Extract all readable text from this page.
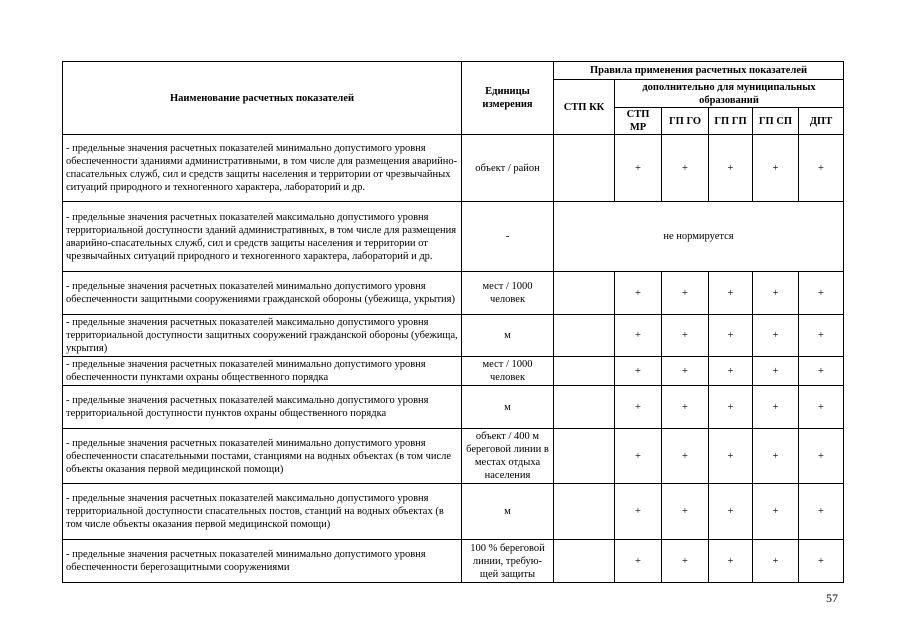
Наименование расчетных показателей	Единицы измерения	Правила применения расчетных показателей					
		СТП КК	дополнительно для муниципальных образований				
			СТП МР	ГП ГО	ГП ГП	ГП СП	ДПТ
- предельные значения расчетных показателей минимально допустимого уровня обеспеченности зданиями административными, в том числе для размещения аварийно-спасательных служб, сил и средств защиты населения и территории от чрезвычайных ситуаций природного и техногенного характера, лабораторий и др.	объект / район		+	+	+	+	+
- предельные значения расчетных показателей максимально допустимого уровня территориальной доступности зданий административных, в том числе для размещения аварийно-спасательных служб, сил и средств защиты населения и территории от чрезвычайных ситуаций природного и техногенного характера, лабораторий и др.	-	не нормируется					
- предельные значения расчетных показателей минимально допустимого уровня обеспеченности защитными сооружениями гражданской обороны (убежища, укрытия)	мест / 1000 человек		+	+	+	+	+
- предельные значения расчетных показателей максимально допустимого уровня территориальной доступности защитных сооружений гражданской обороны (убежища, укрытия)	м		+	+	+	+	+
- предельные значения расчетных показателей минимально допустимого уровня обеспеченности пунктами охраны общественного порядка	мест / 1000 человек		+	+	+	+	+
- предельные значения расчетных показателей максимально допустимого уровня территориальной доступности пунктов охраны общественного порядка	м		+	+	+	+	+
- предельные значения расчетных показателей минимально допустимого уровня обеспеченности спасательными постами, станциями на водных объектах (в том числе объекты оказания первой медицинской помощи)	объект / 400 м береговой линии в местах отдыха населения		+	+	+	+	+
- предельные значения расчетных показателей максимально допустимого уровня территориальной доступности спасательных постов, станций на водных объектах (в том числе объекты оказания первой медицинской помощи)	м		+	+	+	+	+
- предельные значения расчетных показателей минимально допустимого уровня обеспеченности берегозащитными сооружениями	100 % береговой линии, требую-щей защиты		+	+	+	+	+
57
